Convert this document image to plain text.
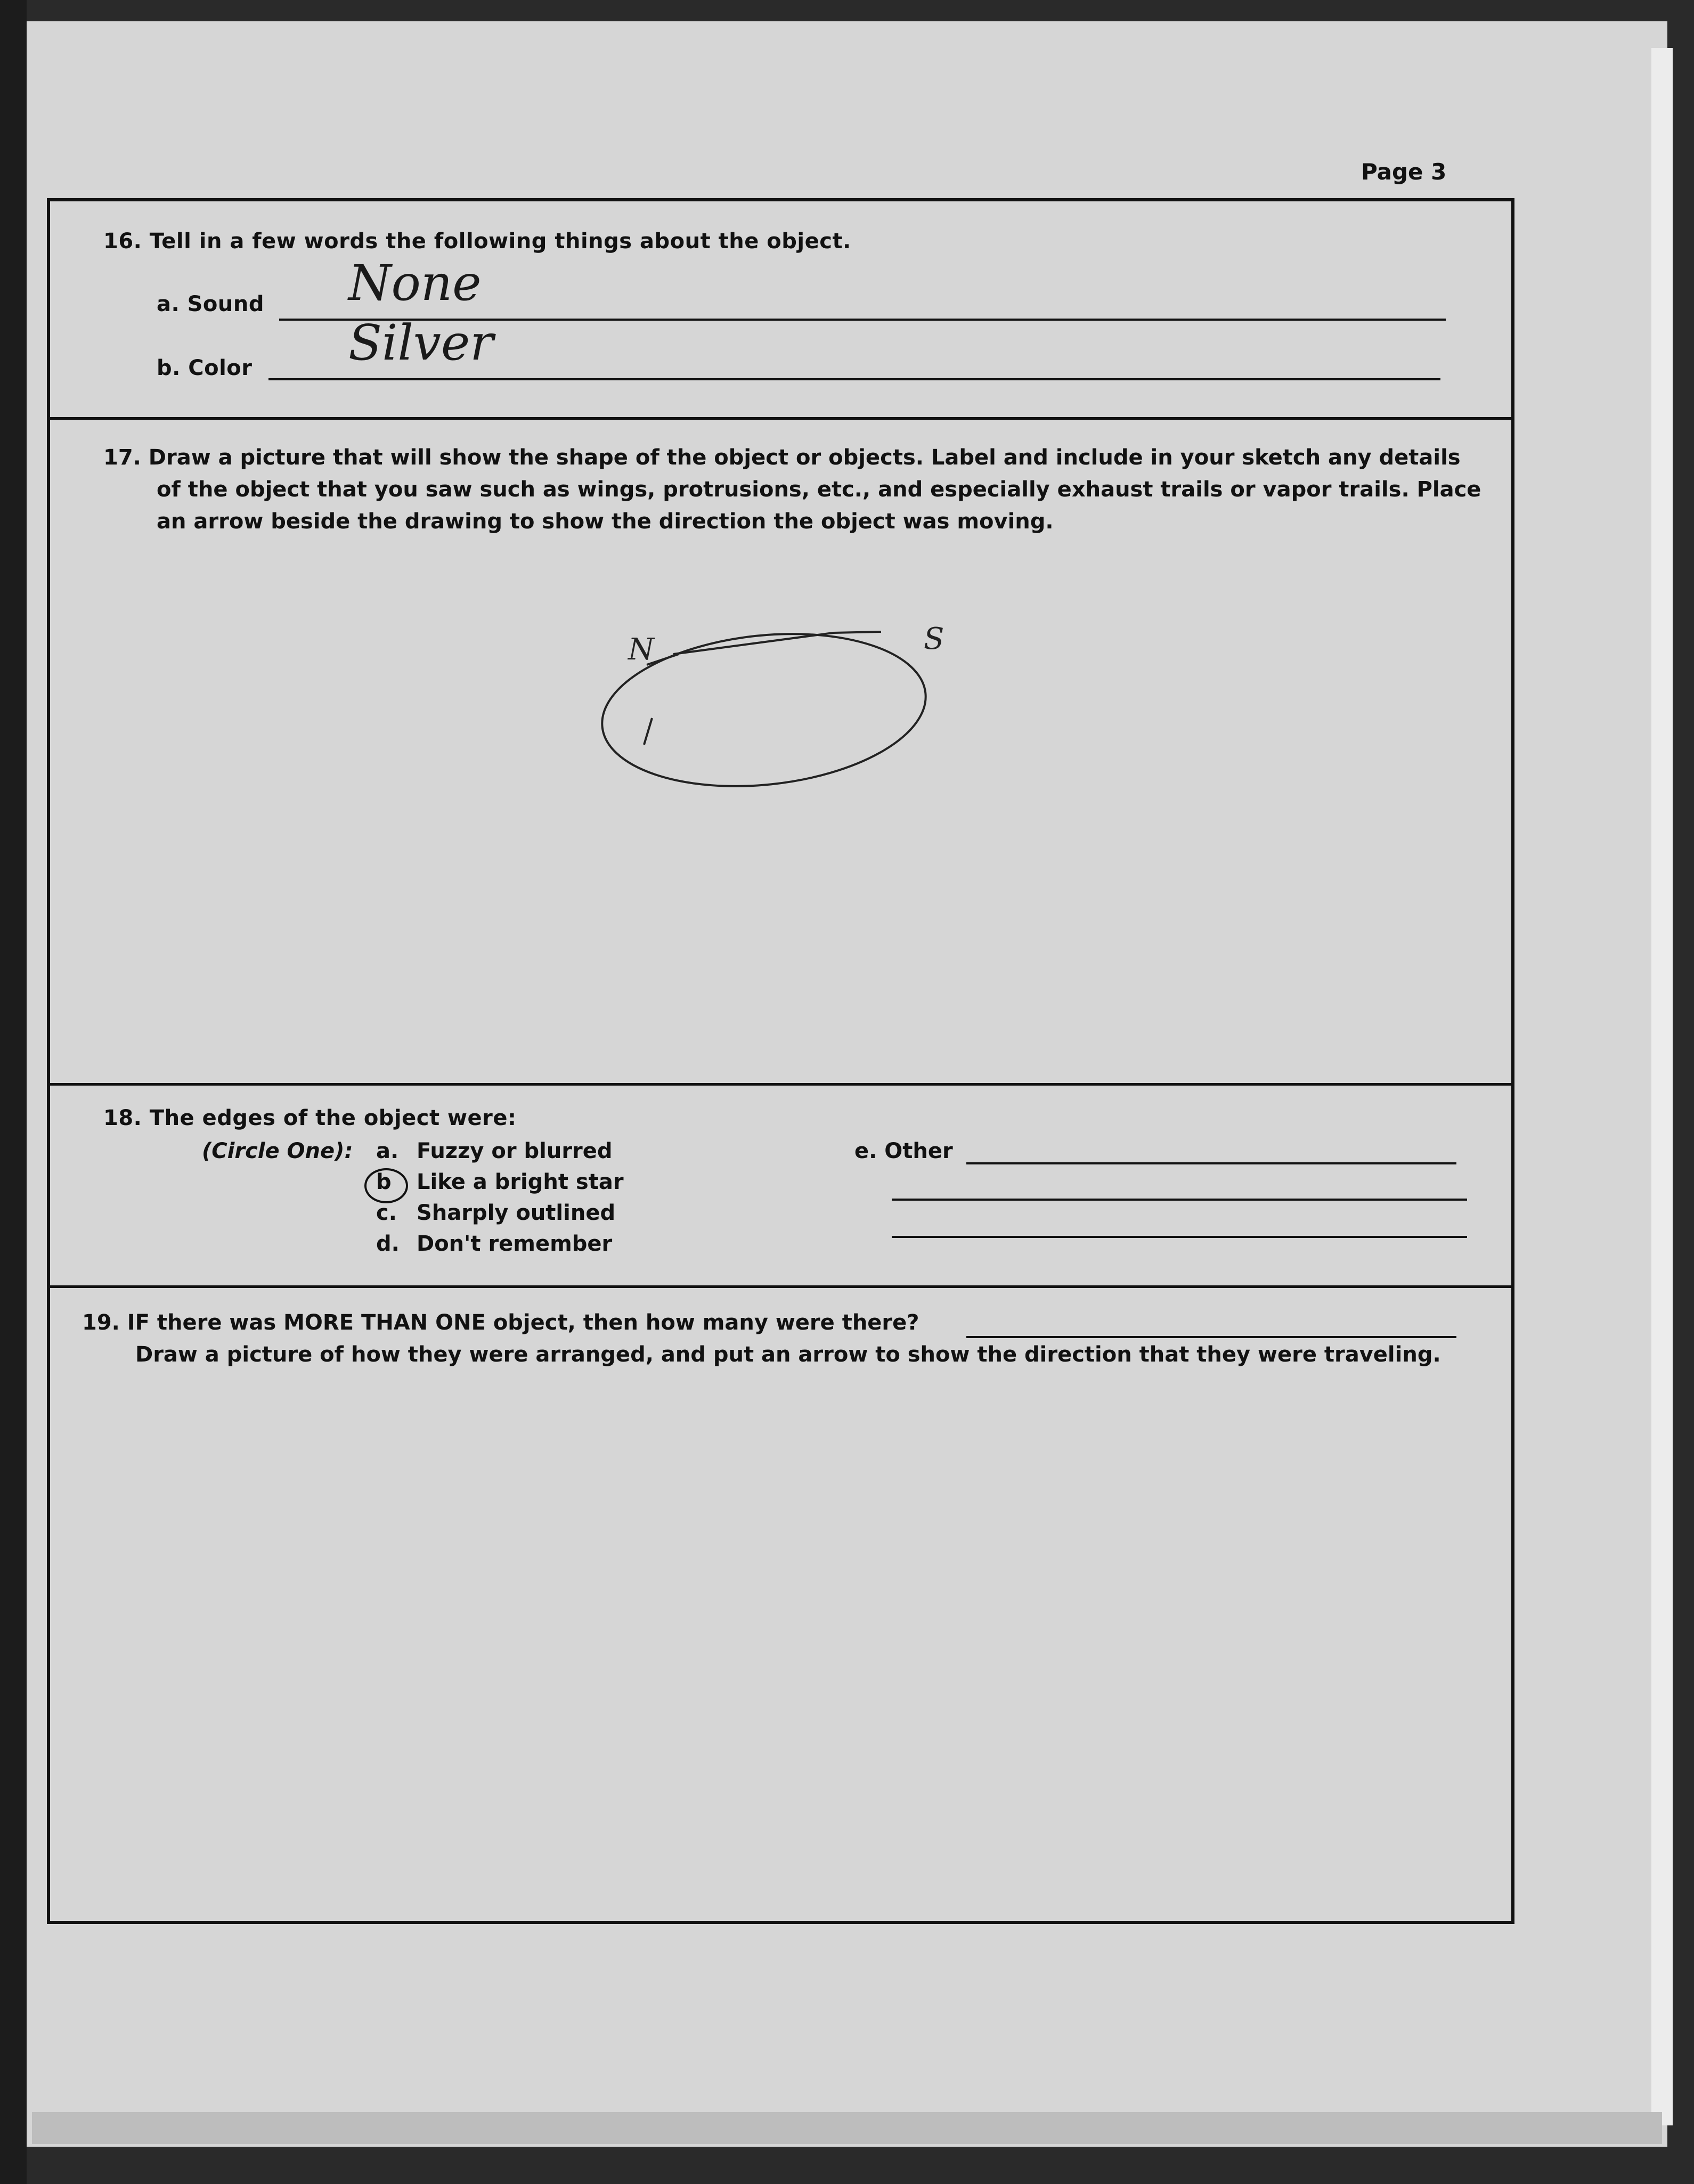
Page 3
16. Tell in a few words the following things about the object.
a. Sound None
b. Color Silver
17. Draw a picture that will show the shape of the object or objects. Label and include in your sketch any details
of the object that you saw such as wings, protrusions, etc., and especially exhaust trails or vapor trails. Place
an arrow beside the drawing to show the direction the object was moving.
N	S
18. The edges of the object were:
(Circle One): a. Fuzzy or blurred
b Like a bright star
c. Sharply outlined
d. Don't remember
e. Other
19. IF there was MORE THAN ONE object, then how many were there?
Draw a picture of how they were arranged, and put an arrow to show the direction that they were traveling.
